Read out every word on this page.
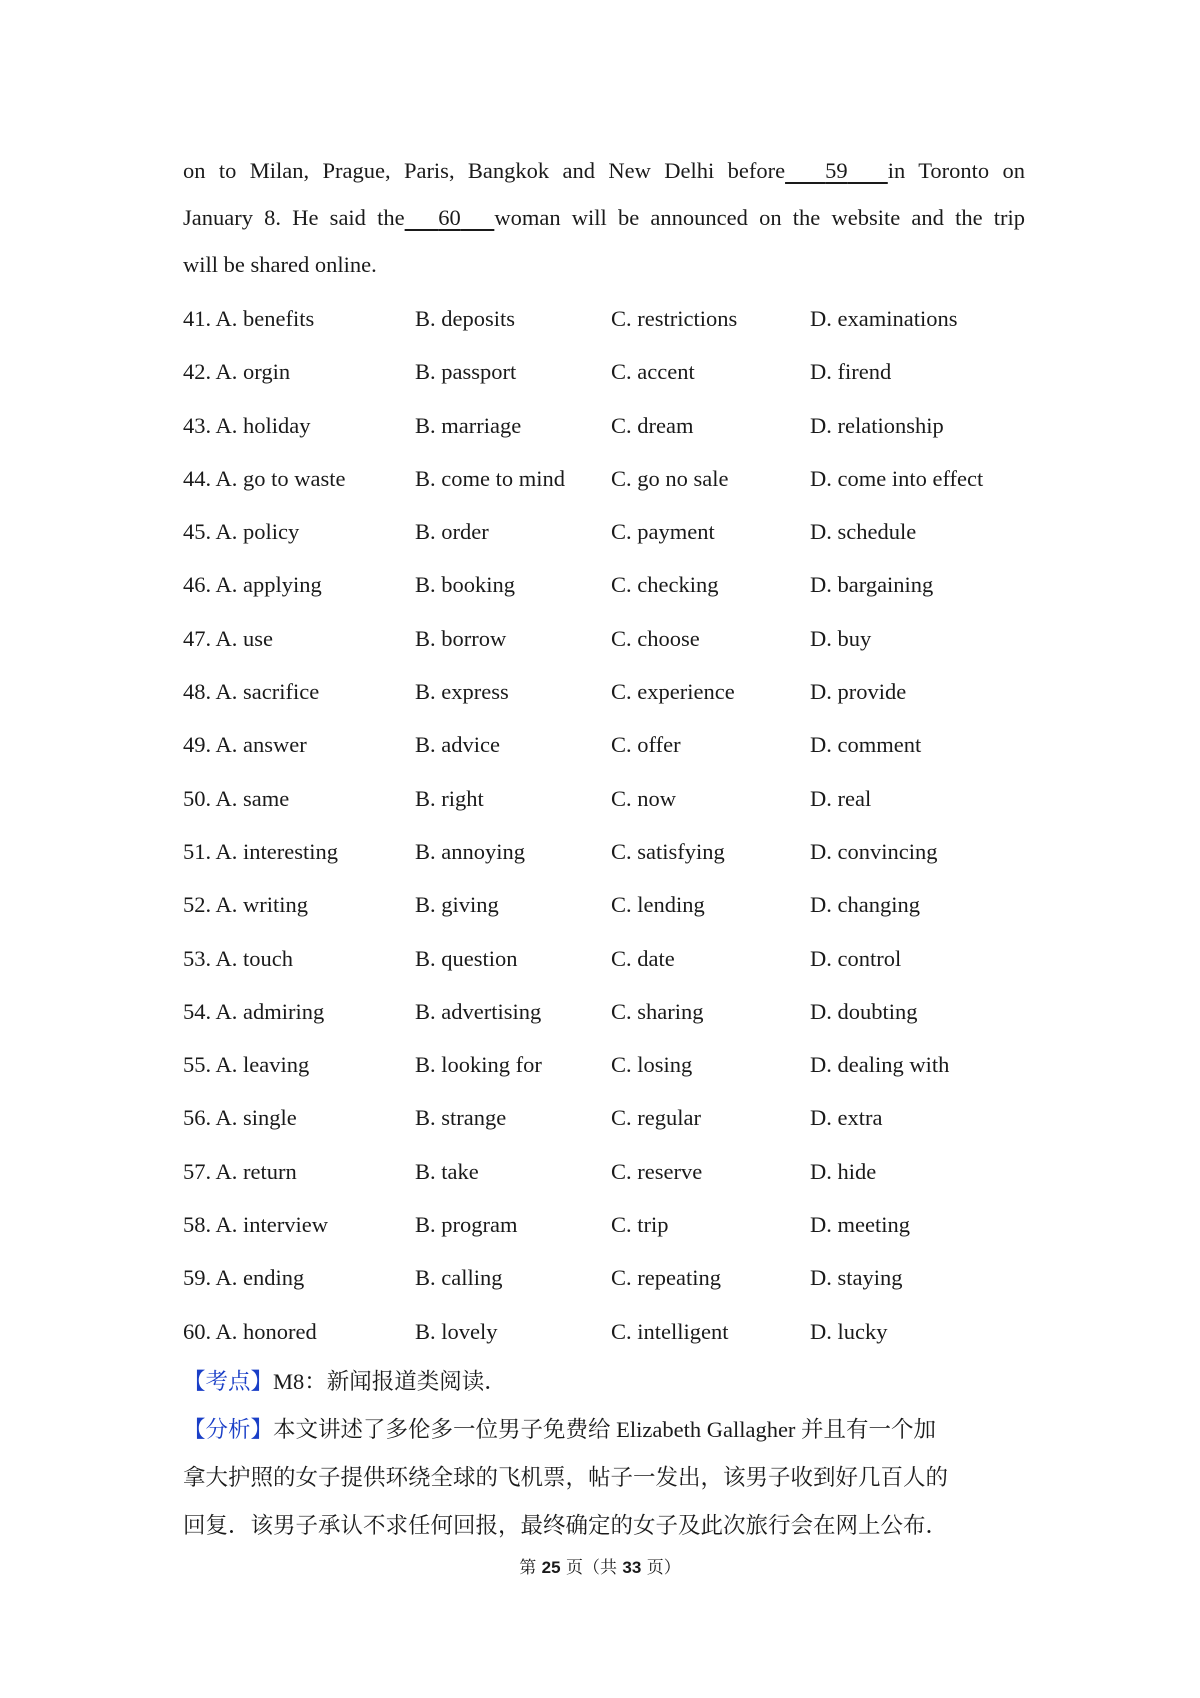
on to Milan, Prague, Paris, Bangkok and New Delhi before 59 in Toronto on
January 8. He said the 60 woman will be announced on the website and the trip
will be shared online.
41. A. benefits	B. deposits	C. restrictions	D. examinations
42. A. orgin	B. passport	C. accent	D. firend
43. A. holiday	B. marriage	C. dream	D. relationship
44. A. go to waste	B. come to mind C. go no sale	D. come into effect
45. A. policy	B. order	C. payment	D. schedule
46. A. applying	B. booking	C. checking	D. bargaining
47. A. use	B. borrow	C. choose	D. buy
48. A. sacrifice	B. express	C. experience	D. provide
49. A. answer	B. advice	C. offer	D. comment
50. A. same	B. right	C. now	D. real
51. A. interesting	B. annoying	C. satisfying	D. convincing
52. A. writing	B. giving	C. lending	D. changing
53. A. touch	B. question	C. date	D. control
54. A. admiring	B. advertising	C. sharing	D. doubting
55. A. leaving	B. looking for	C. losing	D. dealing with
56. A. single	B. strange	C. regular	D. extra
57. A. return	B. take	C. reserve	D. hide
58. A. interview	B. program	C. trip	D. meeting
59. A. ending	B. calling	C. repeating	D. staying
60. A. honored	B. lovely	C. intelligent	D. lucky
【考点】M8：新闻报道类阅读．
【分析】本文讲述了多伦多一位男子免费给 Elizabeth Gallagher 并且有一个加
拿大护照的女子提供环绕全球的飞机票，帖子一发出，该男子收到好几百人的
回复．该男子承认不求任何回报，最终确定的女子及此次旅行会在网上公布．
第 25 页（共 33 页）
